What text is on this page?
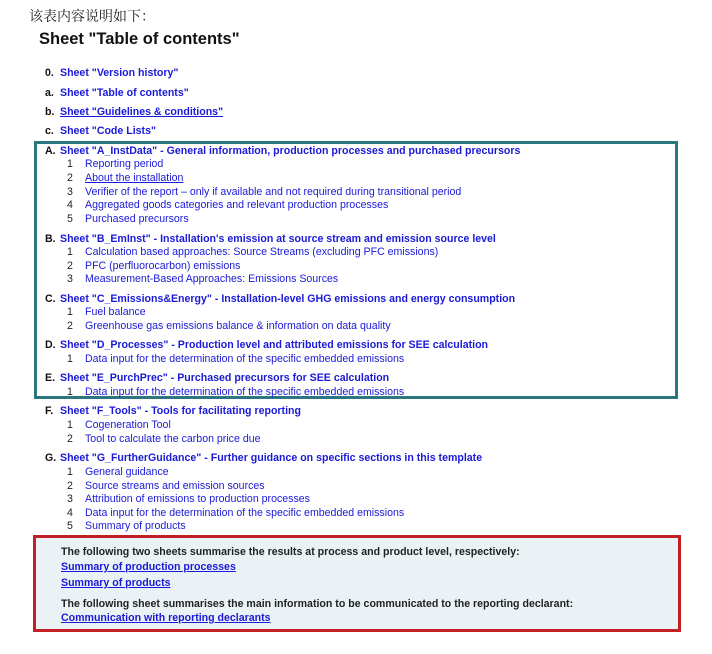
该表内容说明如下：
Sheet "Table of contents"
0. Sheet "Version history"
a. Sheet "Table of contents"
b. Sheet "Guidelines & conditions"
c. Sheet "Code Lists"
A. Sheet "A_InstData" - General information, production processes and purchased precursors
1 Reporting period
2 About the installation
3 Verifier of the report – only if available and not required during transitional period
4 Aggregated goods categories and relevant production processes
5 Purchased precursors
B. Sheet "B_EmInst" - Installation's emission at source stream and emission source level
1 Calculation based approaches: Source Streams (excluding PFC emissions)
2 PFC (perfluorocarbon) emissions
3 Measurement-Based Approaches: Emissions Sources
C. Sheet "C_Emissions&Energy" - Installation-level GHG emissions and energy consumption
1 Fuel balance
2 Greenhouse gas emissions balance & information on data quality
D. Sheet "D_Processes" - Production level and attributed emissions for SEE calculation
1 Data input for the determination of the specific embedded emissions
E. Sheet "E_PurchPrec" - Purchased precursors for SEE calculation
1 Data input for the determination of the specific embedded emissions
F. Sheet "F_Tools" - Tools for facilitating reporting
1 Cogeneration Tool
2 Tool to calculate the carbon price due
G. Sheet "G_FurtherGuidance" - Further guidance on specific sections in this template
1 General guidance
2 Source streams and emission sources
3 Attribution of emissions to production processes
4 Data input for the determination of the specific embedded emissions
5 Summary of products
The following two sheets summarise the results at process and product level, respectively:
Summary of production processes
Summary of products
The following sheet summarises the main information to be communicated to the reporting declarant:
Communication with reporting declarants
